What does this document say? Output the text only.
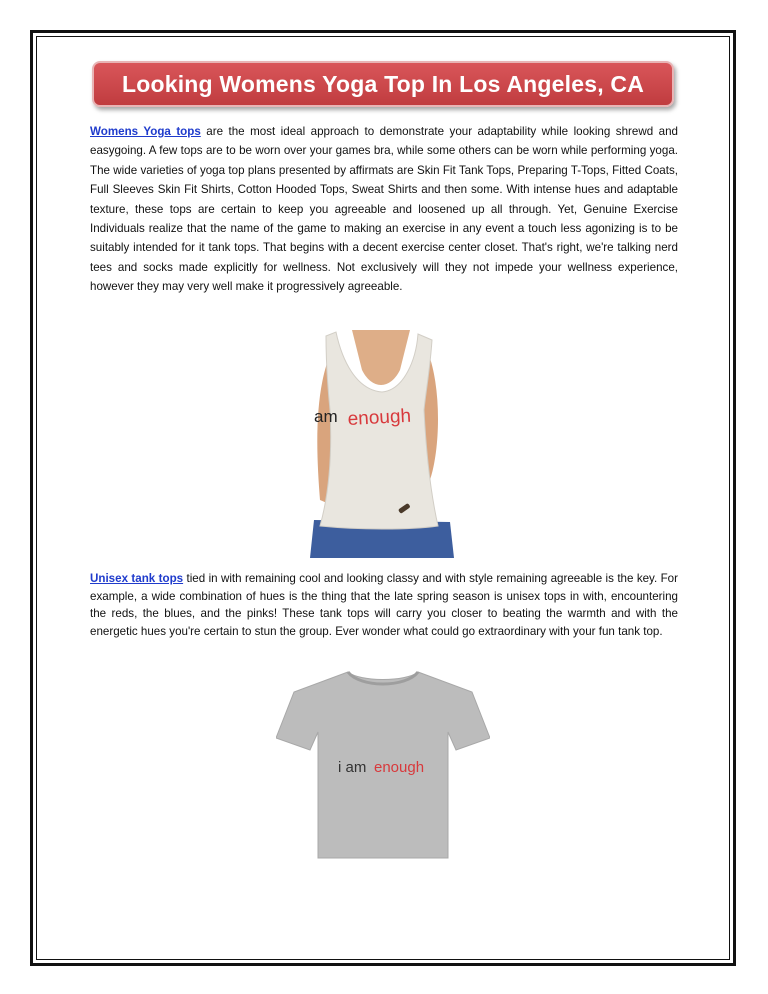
Looking Womens Yoga Top In Los Angeles, CA

Womens Yoga tops are the most ideal approach to demonstrate your adaptability while looking shrewd and easygoing. A few tops are to be worn over your games bra, while some others can be worn while performing yoga. The wide varieties of yoga top plans presented by affirmats are Skin Fit Tank Tops, Preparing T-Tops, Fitted Coats, Full Sleeves Skin Fit Shirts, Cotton Hooded Tops, Sweat Shirts and then some. With intense hues and adaptable texture, these tops are certain to keep you agreeable and loosened up all through. Yet, Genuine Exercise Individuals realize that the name of the game to making an exercise in any event a touch less agonizing is to be suitably intended for it tank tops. That begins with a decent exercise center closet. That's right, we're talking nerd tees and socks made explicitly for wellness. Not exclusively will they not impede your wellness experience, however they may very well make it progressively agreeable.

am enough

Unisex tank tops tied in with remaining cool and looking classy and with style remaining agreeable is the key. For example, a wide combination of hues is the thing that the late spring season is unisex tops in with, encountering the reds, the blues, and the pinks! These tank tops will carry you closer to beating the warmth and with the energetic hues you're certain to stun the group. Ever wonder what could go extraordinary with your fun tank top.

i am enough
